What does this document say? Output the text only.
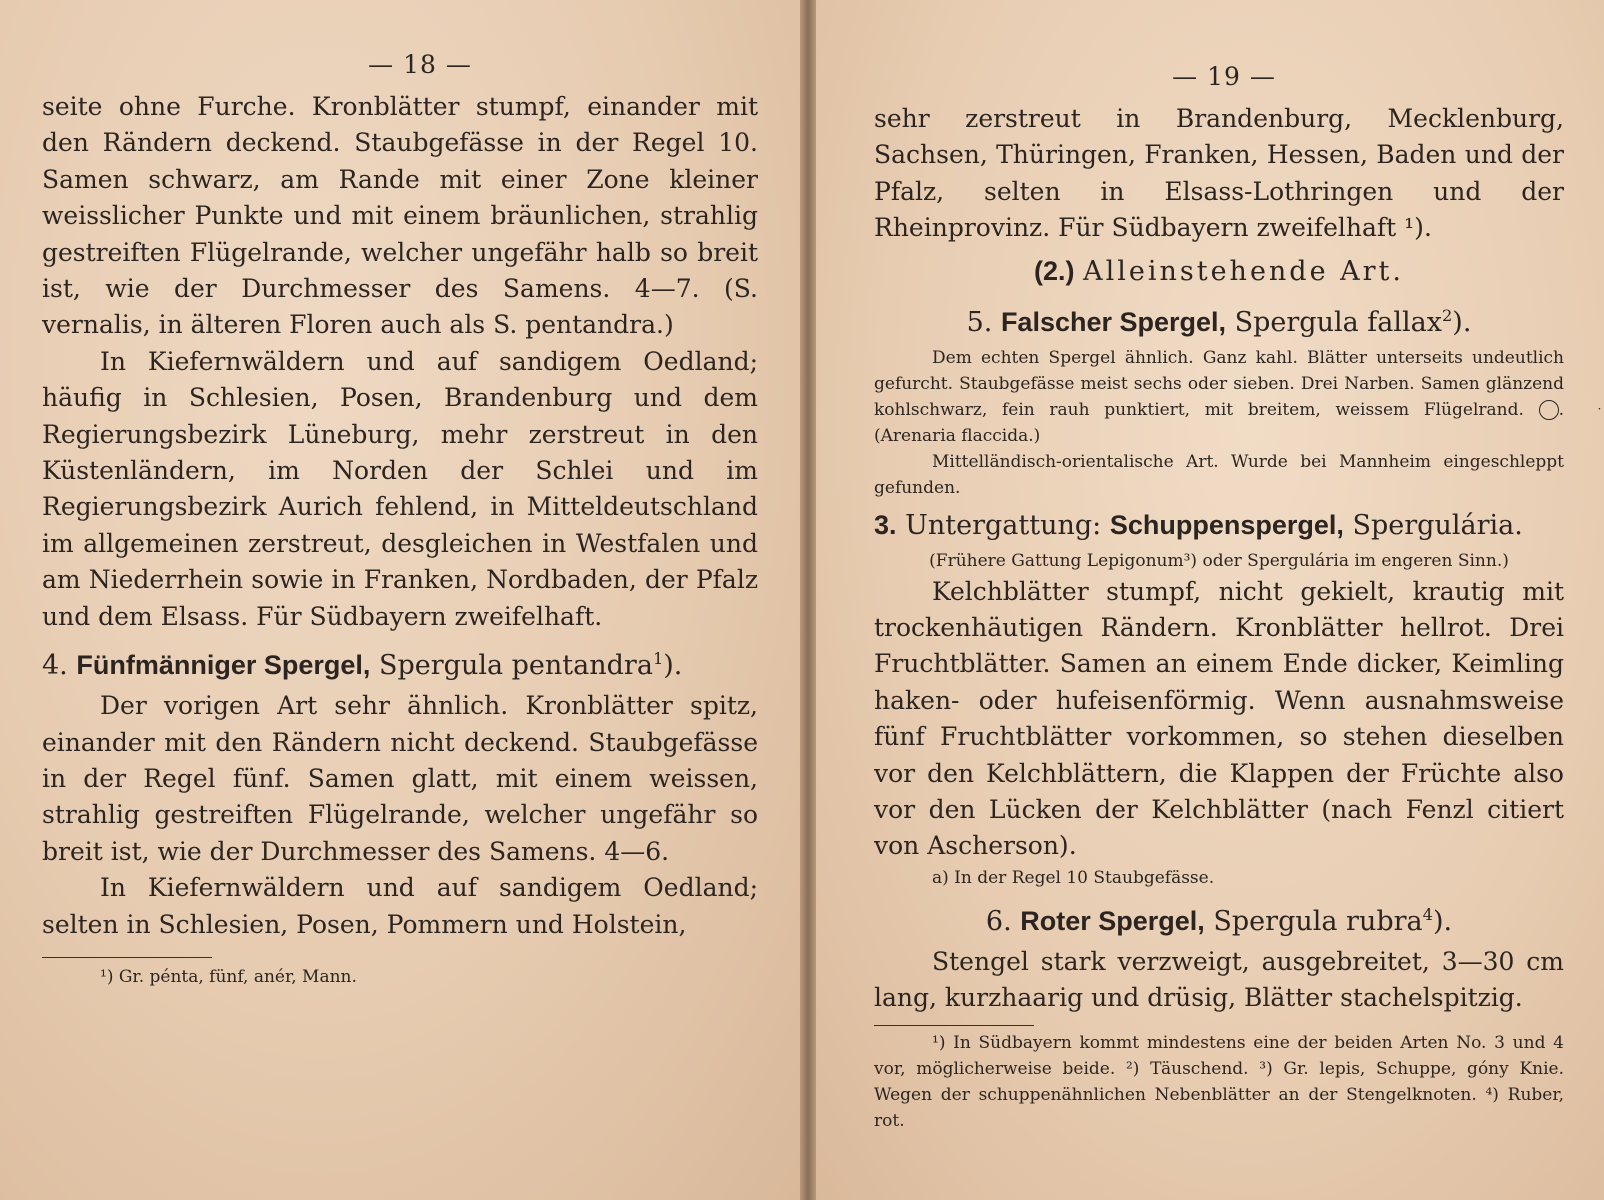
— 18 —

seite ohne Furche. Kronblätter stumpf, einander mit den Rändern deckend. Staubgefässe in der Regel 10. Samen schwarz, am Rande mit einer Zone kleiner weisslicher Punkte und mit einem bräunlichen, strahlig gestreiften Flügelrande, welcher ungefähr halb so breit ist, wie der Durchmesser des Samens. 4—7. (S. vernalis, in älteren Floren auch als S. pentandra.)

In Kiefernwäldern und auf sandigem Oedland; häufig in Schlesien, Posen, Brandenburg und dem Regierungsbezirk Lüneburg, mehr zerstreut in den Küstenländern, im Norden der Schlei und im Regierungsbezirk Aurich fehlend, in Mitteldeutschland im allgemeinen zerstreut, desgleichen in Westfalen und am Niederrhein sowie in Franken, Nordbaden, der Pfalz und dem Elsass. Für Südbayern zweifelhaft.

4. Fünfmänniger Spergel, Spergula pentandra$^1$).

Der vorigen Art sehr ähnlich. Kronblätter spitz, einander mit den Rändern nicht deckend. Staubgefässe in der Regel fünf. Samen glatt, mit einem weissen, strahlig gestreiften Flügelrande, welcher ungefähr so breit ist, wie der Durchmesser des Samens. 4—6.

In Kiefernwäldern und auf sandigem Oedland; selten in Schlesien, Posen, Pommern und Holstein,

¹) Gr. pénta, fünf, anér, Mann.
— 19 —

sehr zerstreut in Brandenburg, Mecklenburg, Sachsen, Thüringen, Franken, Hessen, Baden und der Pfalz, selten in Elsass-Lothringen und der Rheinprovinz. Für Südbayern zweifelhaft ¹).

(2.) Alleinstehende Art.
5. Falscher Spergel, Spergula fallax$^2$).

Dem echten Spergel ähnlich. Ganz kahl. Blätter unterseits undeutlich gefurcht. Staubgefässe meist sechs oder sieben. Drei Narben. Samen glänzend kohlschwarz, fein rauh punktiert, mit breitem, weissem Flügelrand.	·. (Arenaria flaccida.)

Mittelländisch-orientalische Art. Wurde bei Mannheim eingeschleppt gefunden.

3. Untergattung: Schuppenspergel, Spergulária.

(Frühere Gattung Lepigonum³) oder Spergulária im engeren Sinn.)

Kelchblätter stumpf, nicht gekielt, krautig mit trockenhäutigen Rändern. Kronblätter hellrot. Drei Fruchtblätter. Samen an einem Ende dicker, Keimling haken- oder hufeisenförmig. Wenn ausnahmsweise fünf Fruchtblätter vorkommen, so stehen dieselben vor den Kelchblättern, die Klappen der Früchte also vor den Lücken der Kelchblätter (nach Fenzl citiert von Ascherson).

a) In der Regel 10 Staubgefässe.

6. Roter Spergel, Spergula rubra$^4$).

Stengel stark verzweigt, ausgebreitet, 3—30 cm lang, kurzhaarig und drüsig, Blätter stachelspitzig.

¹) In Südbayern kommt mindestens eine der beiden Arten No. 3 und 4 vor, möglicherweise beide. ²) Täuschend. ³) Gr. lepis, Schuppe, góny Knie. Wegen der schuppenähnlichen Nebenblätter an der Stengelknoten. ⁴) Ruber, rot.
